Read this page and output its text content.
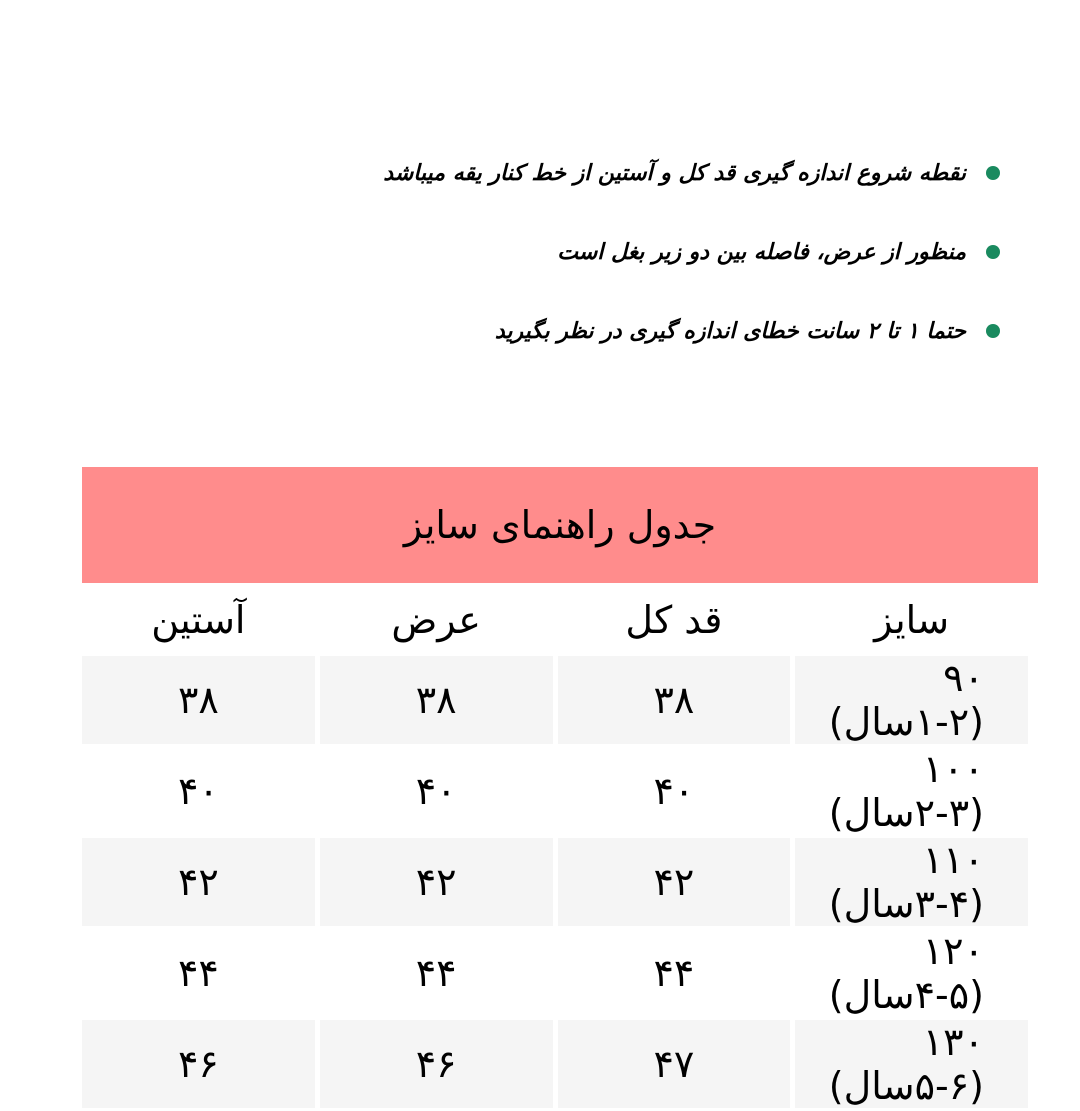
نقطه شروع اندازه گیری قد کل و آستین از خط کنار یقه میباشد
منظور از عرض، فاصله بین دو زیر بغل است
حتما ۱ تا ۲ سانت خطای اندازه گیری در نظر بگیرید
جدول راهنمای سایز
سایز	قد کل	عرض	آستین
۹۰ (۱-۲سال)	۳۸	۳۸	۳۸
۱۰۰ (۲-۳سال)	۴۰	۴۰	۴۰
۱۱۰ (۳-۴سال)	۴۲	۴۲	۴۲
۱۲۰ (۴-۵سال)	۴۴	۴۴	۴۴
۱۳۰ (۵-۶سال)	۴۷	۴۶	۴۶
